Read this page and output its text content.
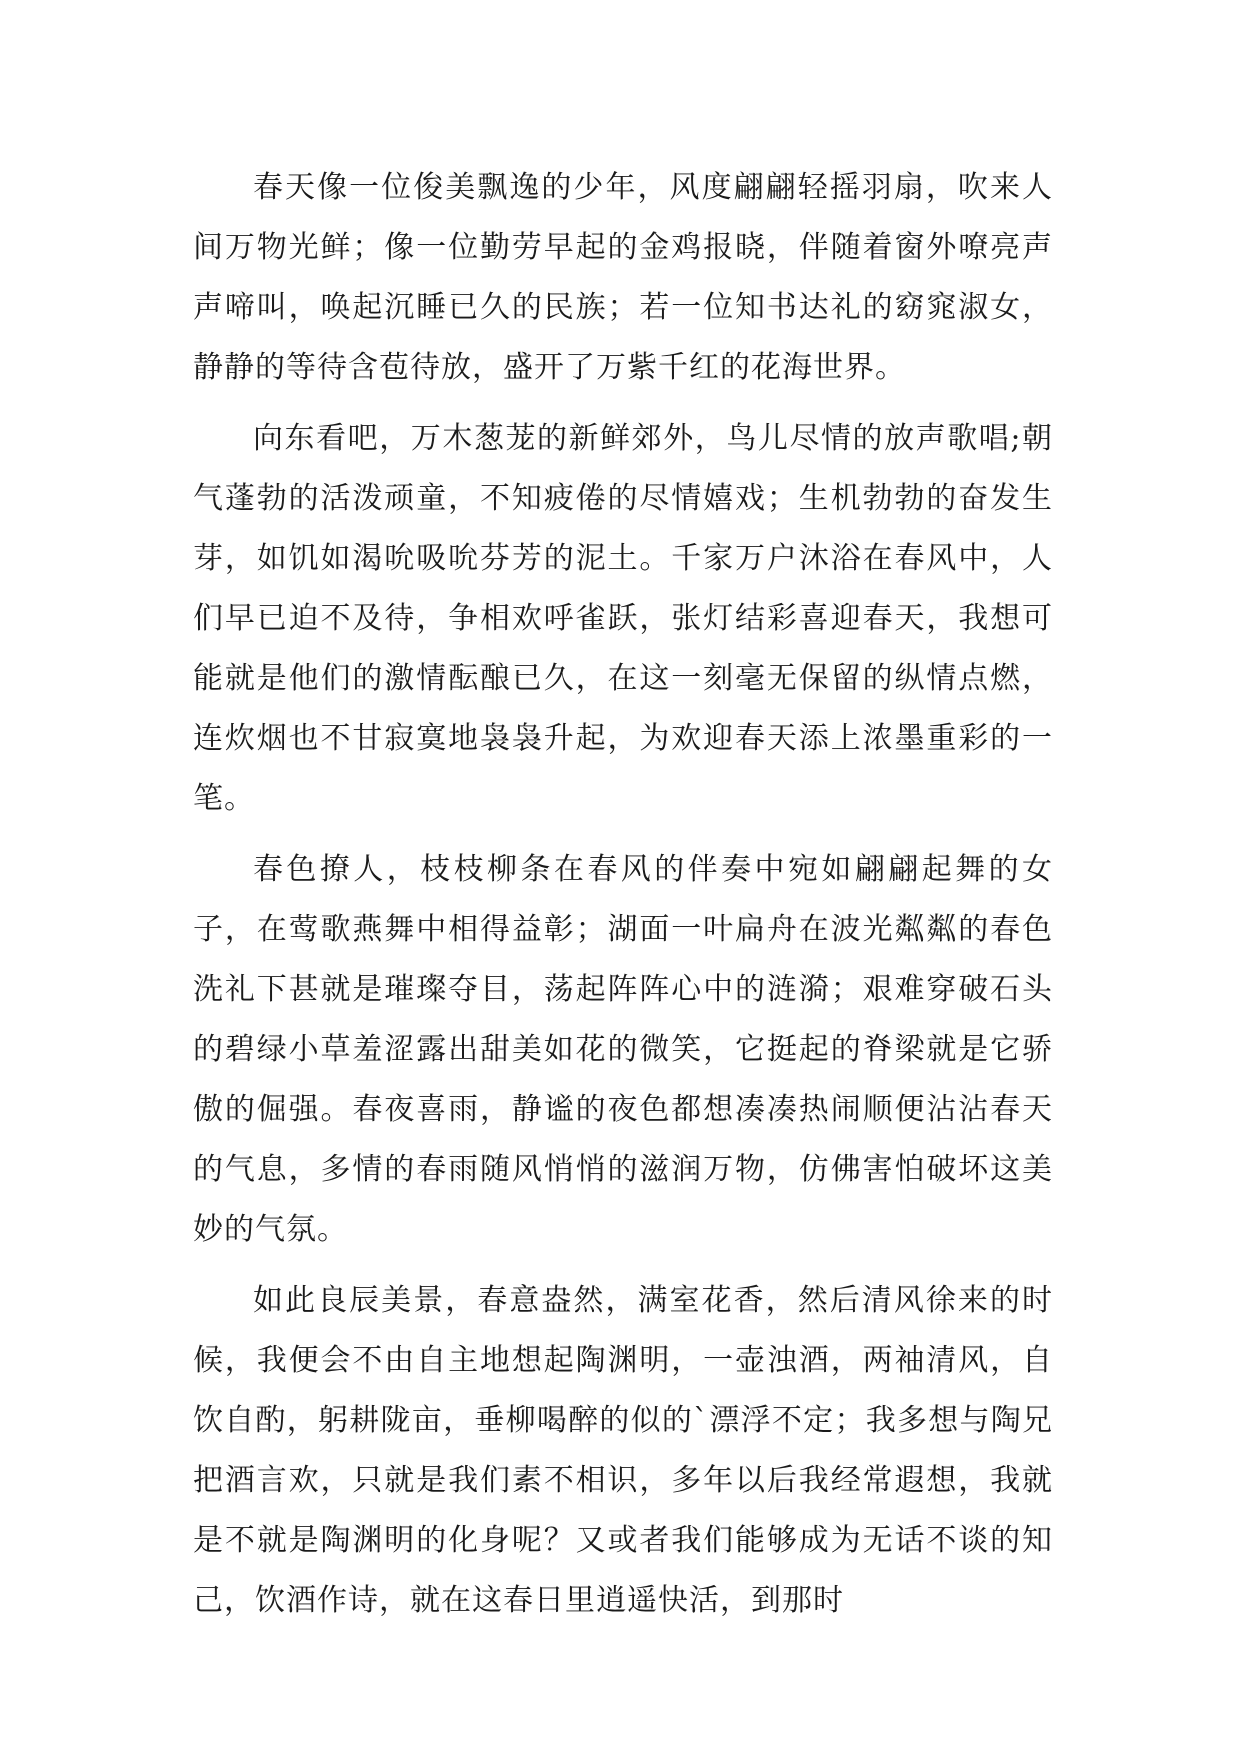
春天像一位俊美飘逸的少年，风度翩翩轻摇羽扇，吹来人间万物光鲜；像一位勤劳早起的金鸡报晓，伴随着窗外嘹亮声声啼叫，唤起沉睡已久的民族；若一位知书达礼的窈窕淑女，静静的等待含苞待放，盛开了万紫千红的花海世界。

向东看吧，万木葱茏的新鲜郊外，鸟儿尽情的放声歌唱;朝气蓬勃的活泼顽童，不知疲倦的尽情嬉戏；生机勃勃的奋发生芽，如饥如渴吮吸吮芬芳的泥土。千家万户沐浴在春风中，人们早已迫不及待，争相欢呼雀跃，张灯结彩喜迎春天，我想可能就是他们的激情酝酿已久，在这一刻毫无保留的纵情点燃，连炊烟也不甘寂寞地袅袅升起，为欢迎春天添上浓墨重彩的一笔。

春色撩人，枝枝柳条在春风的伴奏中宛如翩翩起舞的女子，在莺歌燕舞中相得益彰；湖面一叶扁舟在波光粼粼的春色洗礼下甚就是璀璨夺目，荡起阵阵心中的涟漪；艰难穿破石头的碧绿小草羞涩露出甜美如花的微笑，它挺起的脊梁就是它骄傲的倔强。春夜喜雨，静谧的夜色都想凑凑热闹顺便沾沾春天的气息，多情的春雨随风悄悄的滋润万物，仿佛害怕破坏这美妙的气氛。

如此良辰美景，春意盎然，满室花香，然后清风徐来的时候，我便会不由自主地想起陶渊明，一壶浊酒，两袖清风，自饮自酌，躬耕陇亩，垂柳喝醉的似的`漂浮不定；我多想与陶兄把酒言欢，只就是我们素不相识，多年以后我经常遐想，我就是不就是陶渊明的化身呢？又或者我们能够成为无话不谈的知己，饮酒作诗，就在这春日里逍遥快活，到那时
